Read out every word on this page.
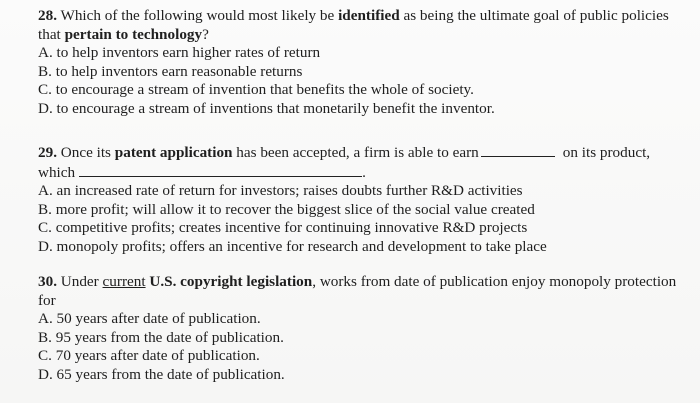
28. Which of the following would most likely be identified as being the ultimate goal of public policies that pertain to technology?

A. to help inventors earn higher rates of return

B. to help inventors earn reasonable returns

C. to encourage a stream of invention that benefits the whole of society.

D. to encourage a stream of inventions that monetarily benefit the inventor.

29. Once its patent application has been accepted, a firm is able to earn	on its product, which	.

A. an increased rate of return for investors; raises doubts further R&D activities

B. more profit; will allow it to recover the biggest slice of the social value created

C. competitive profits; creates incentive for continuing innovative R&D projects

D. monopoly profits; offers an incentive for research and development to take place

30. Under current U.S. copyright legislation, works from date of publication enjoy monopoly protection for

A. 50 years after date of publication.

B. 95 years from the date of publication.

C. 70 years after date of publication.

D. 65 years from the date of publication.
